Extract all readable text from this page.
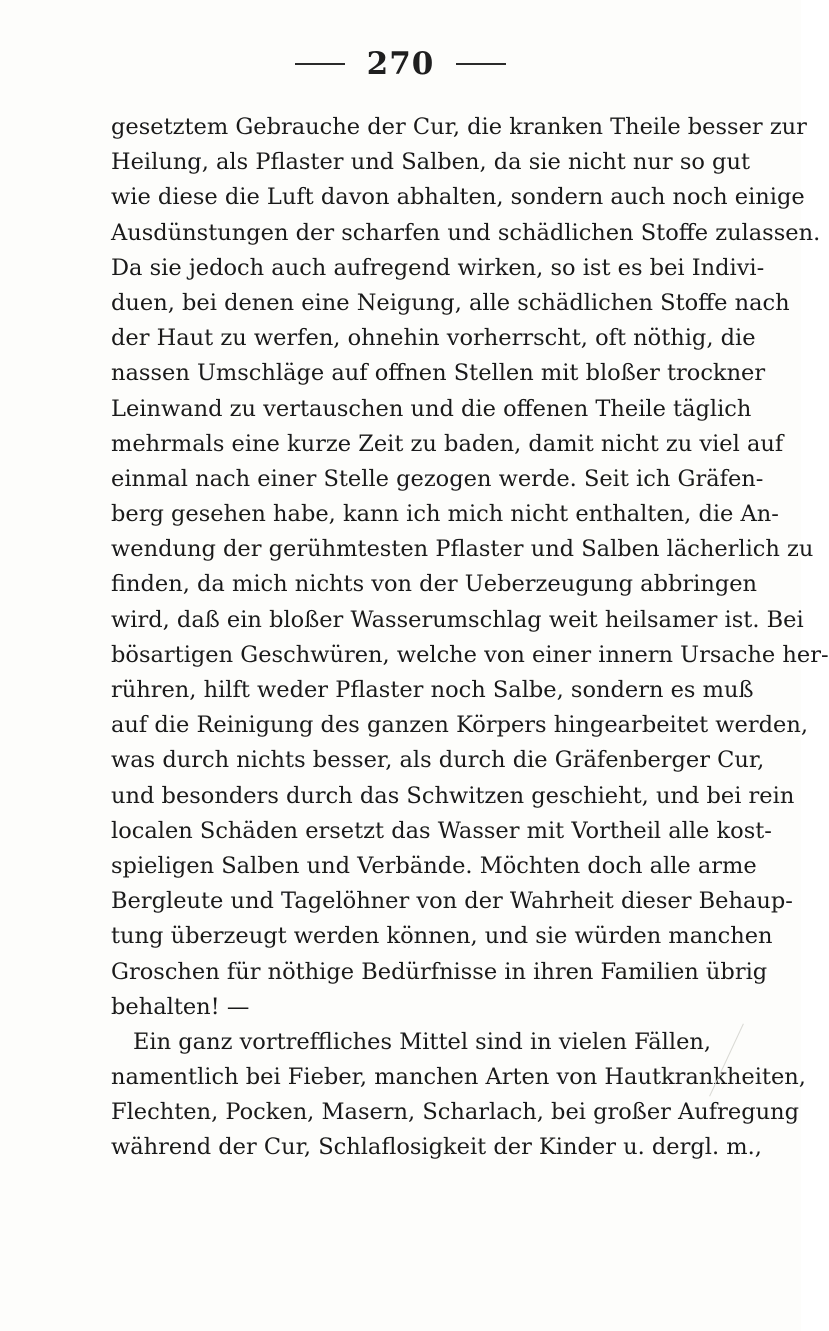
270
gesetztem Gebrauche der Cur, die kranken Theile besser zur
Heilung, als Pflaster und Salben, da sie nicht nur so gut
wie diese die Luft davon abhalten, sondern auch noch einige
Ausdünstungen der scharfen und schädlichen Stoffe zulassen.
Da sie jedoch auch aufregend wirken, so ist es bei Indivi-
duen, bei denen eine Neigung, alle schädlichen Stoffe nach
der Haut zu werfen, ohnehin vorherrscht, oft nöthig, die
nassen Umschläge auf offnen Stellen mit bloßer trockner
Leinwand zu vertauschen und die offenen Theile täglich
mehrmals eine kurze Zeit zu baden, damit nicht zu viel auf
einmal nach einer Stelle gezogen werde. Seit ich Gräfen-
berg gesehen habe, kann ich mich nicht enthalten, die An-
wendung der gerühmtesten Pflaster und Salben lächerlich zu
finden, da mich nichts von der Ueberzeugung abbringen
wird, daß ein bloßer Wasserumschlag weit heilsamer ist. Bei
bösartigen Geschwüren, welche von einer innern Ursache her-
rühren, hilft weder Pflaster noch Salbe, sondern es muß
auf die Reinigung des ganzen Körpers hingearbeitet werden,
was durch nichts besser, als durch die Gräfenberger Cur,
und besonders durch das Schwitzen geschieht, und bei rein
localen Schäden ersetzt das Wasser mit Vortheil alle kost-
spieligen Salben und Verbände. Möchten doch alle arme
Bergleute und Tagelöhner von der Wahrheit dieser Behaup-
tung überzeugt werden können, und sie würden manchen
Groschen für nöthige Bedürfnisse in ihren Familien übrig
behalten! —
Ein ganz vortreffliches Mittel sind in vielen Fällen,
namentlich bei Fieber, manchen Arten von Hautkrankheiten,
Flechten, Pocken, Masern, Scharlach, bei großer Aufregung
während der Cur, Schlaflosigkeit der Kinder u. dergl. m.,
